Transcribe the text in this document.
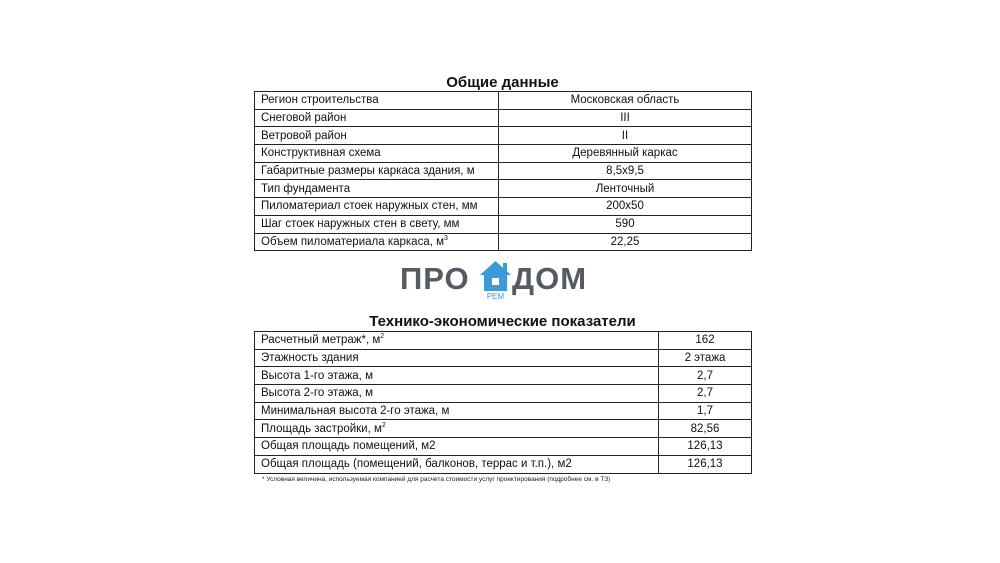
Общие данные
Регион строительства	Московская область
Снеговой район	III
Ветровой район	II
Конструктивная схема	Деревянный каркас
Габаритные размеры каркаса здания, м	8,5х9,5
Тип фундамента	Ленточный
Пиломатериал стоек наружных стен, мм	200х50
Шаг стоек наружных стен в свету, мм	590
Объем пиломатериала каркаса, $м^3$	22,25
ПРО
РЕМ
ДОМ
Технико-экономические показатели
Расчетный метраж*, $м^2$	162
Этажность здания	2 этажа
Высота 1-го этажа, м	2,7
Высота 2-го этажа, м	2,7
Минимальная высота 2-го этажа, м	1,7
Площадь застройки, $м^2$	82,56
Общая площадь помещений, м2	126,13
Общая площадь (помещений, балконов, террас и т.п.), м2	126,13
* Условная величина, используемая компанией для расчета стоимости услуг проектирования (подробнее см. в ТЗ)
